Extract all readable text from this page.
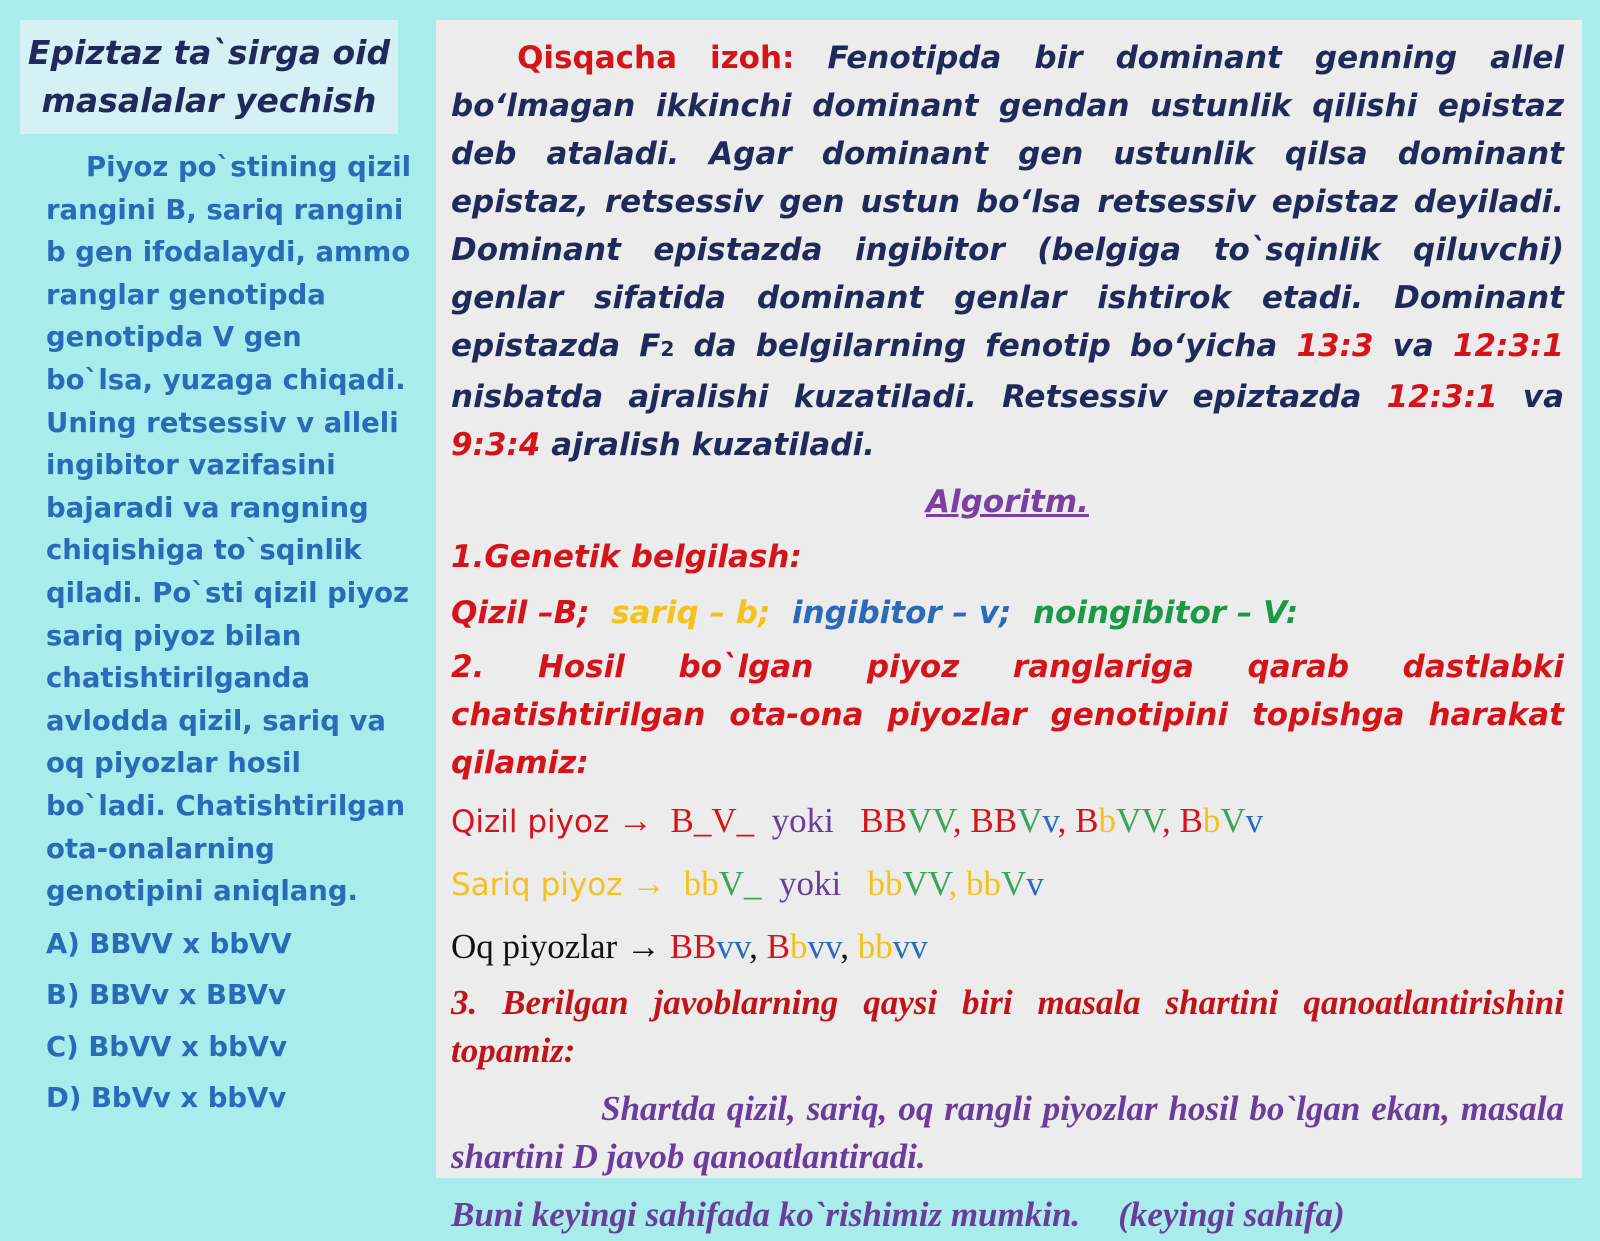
Epiztaz ta`sirga oid masalalar yechish

Piyoz po`stining qizil rangini B, sariq rangini b gen ifodalaydi, ammo ranglar genotipda genotipda V gen bo`lsa, yuzaga chiqadi. Uning retsessiv v alleli ingibitor vazifasini bajaradi va rangning chiqishiga to`sqinlik qiladi. Po`sti qizil piyoz sariq piyoz bilan chatishtirilganda avlodda qizil, sariq va oq piyozlar hosil bo`ladi. Chatishtirilgan ota-onalarning genotipini aniqlang.

A) BBVV x bbVV

B) BBVv x BBVv

C) BbVV x bbVv

D) BbVv x bbVv

Qisqacha izoh: Fenotipda bir dominant genning allel bo‘lmagan ikkinchi dominant gendan ustunlik qilishi epistaz deb ataladi. Agar dominant gen ustunlik qilsa dominant epistaz, retsessiv gen ustun bo‘lsa retsessiv epistaz deyiladi. Dominant epistazda ingibitor (belgiga to`sqinlik qiluvchi) genlar sifatida dominant genlar ishtirok etadi. Dominant epistazda F2 da belgilarning fenotip bo‘yicha 13:3 va 12:3:1 nisbatda ajralishi kuzatiladi. Retsessiv epiztazda 12:3:1 va 9:3:4 ajralish kuzatiladi.

Algoritm.

1.Genetik belgilash:

Qizil –B; sariq – b; ingibitor – v; noingibitor – V:

2. Hosil bo`lgan piyoz ranglariga qarab dastlabki chatishtirilgan ota-ona piyozlar genotipini topishga harakat qilamiz:

Qizil piyoz → B_V_ yoki BBVV, BBVv, BbVV, BbVv

Sariq piyoz → bbV_ yoki bbVV, bbVv

Oq piyozlar → BBvv, Bbvv, bbvv

3. Berilgan javoblarning qaysi biri masala shartini qanoatlantirishini topamiz:

Shartda qizil, sariq, oq rangli piyozlar hosil bo`lgan ekan, masala shartini D javob qanoatlantiradi.

Buni keyingi sahifada ko`rishimiz mumkin. (keyingi sahifa)
